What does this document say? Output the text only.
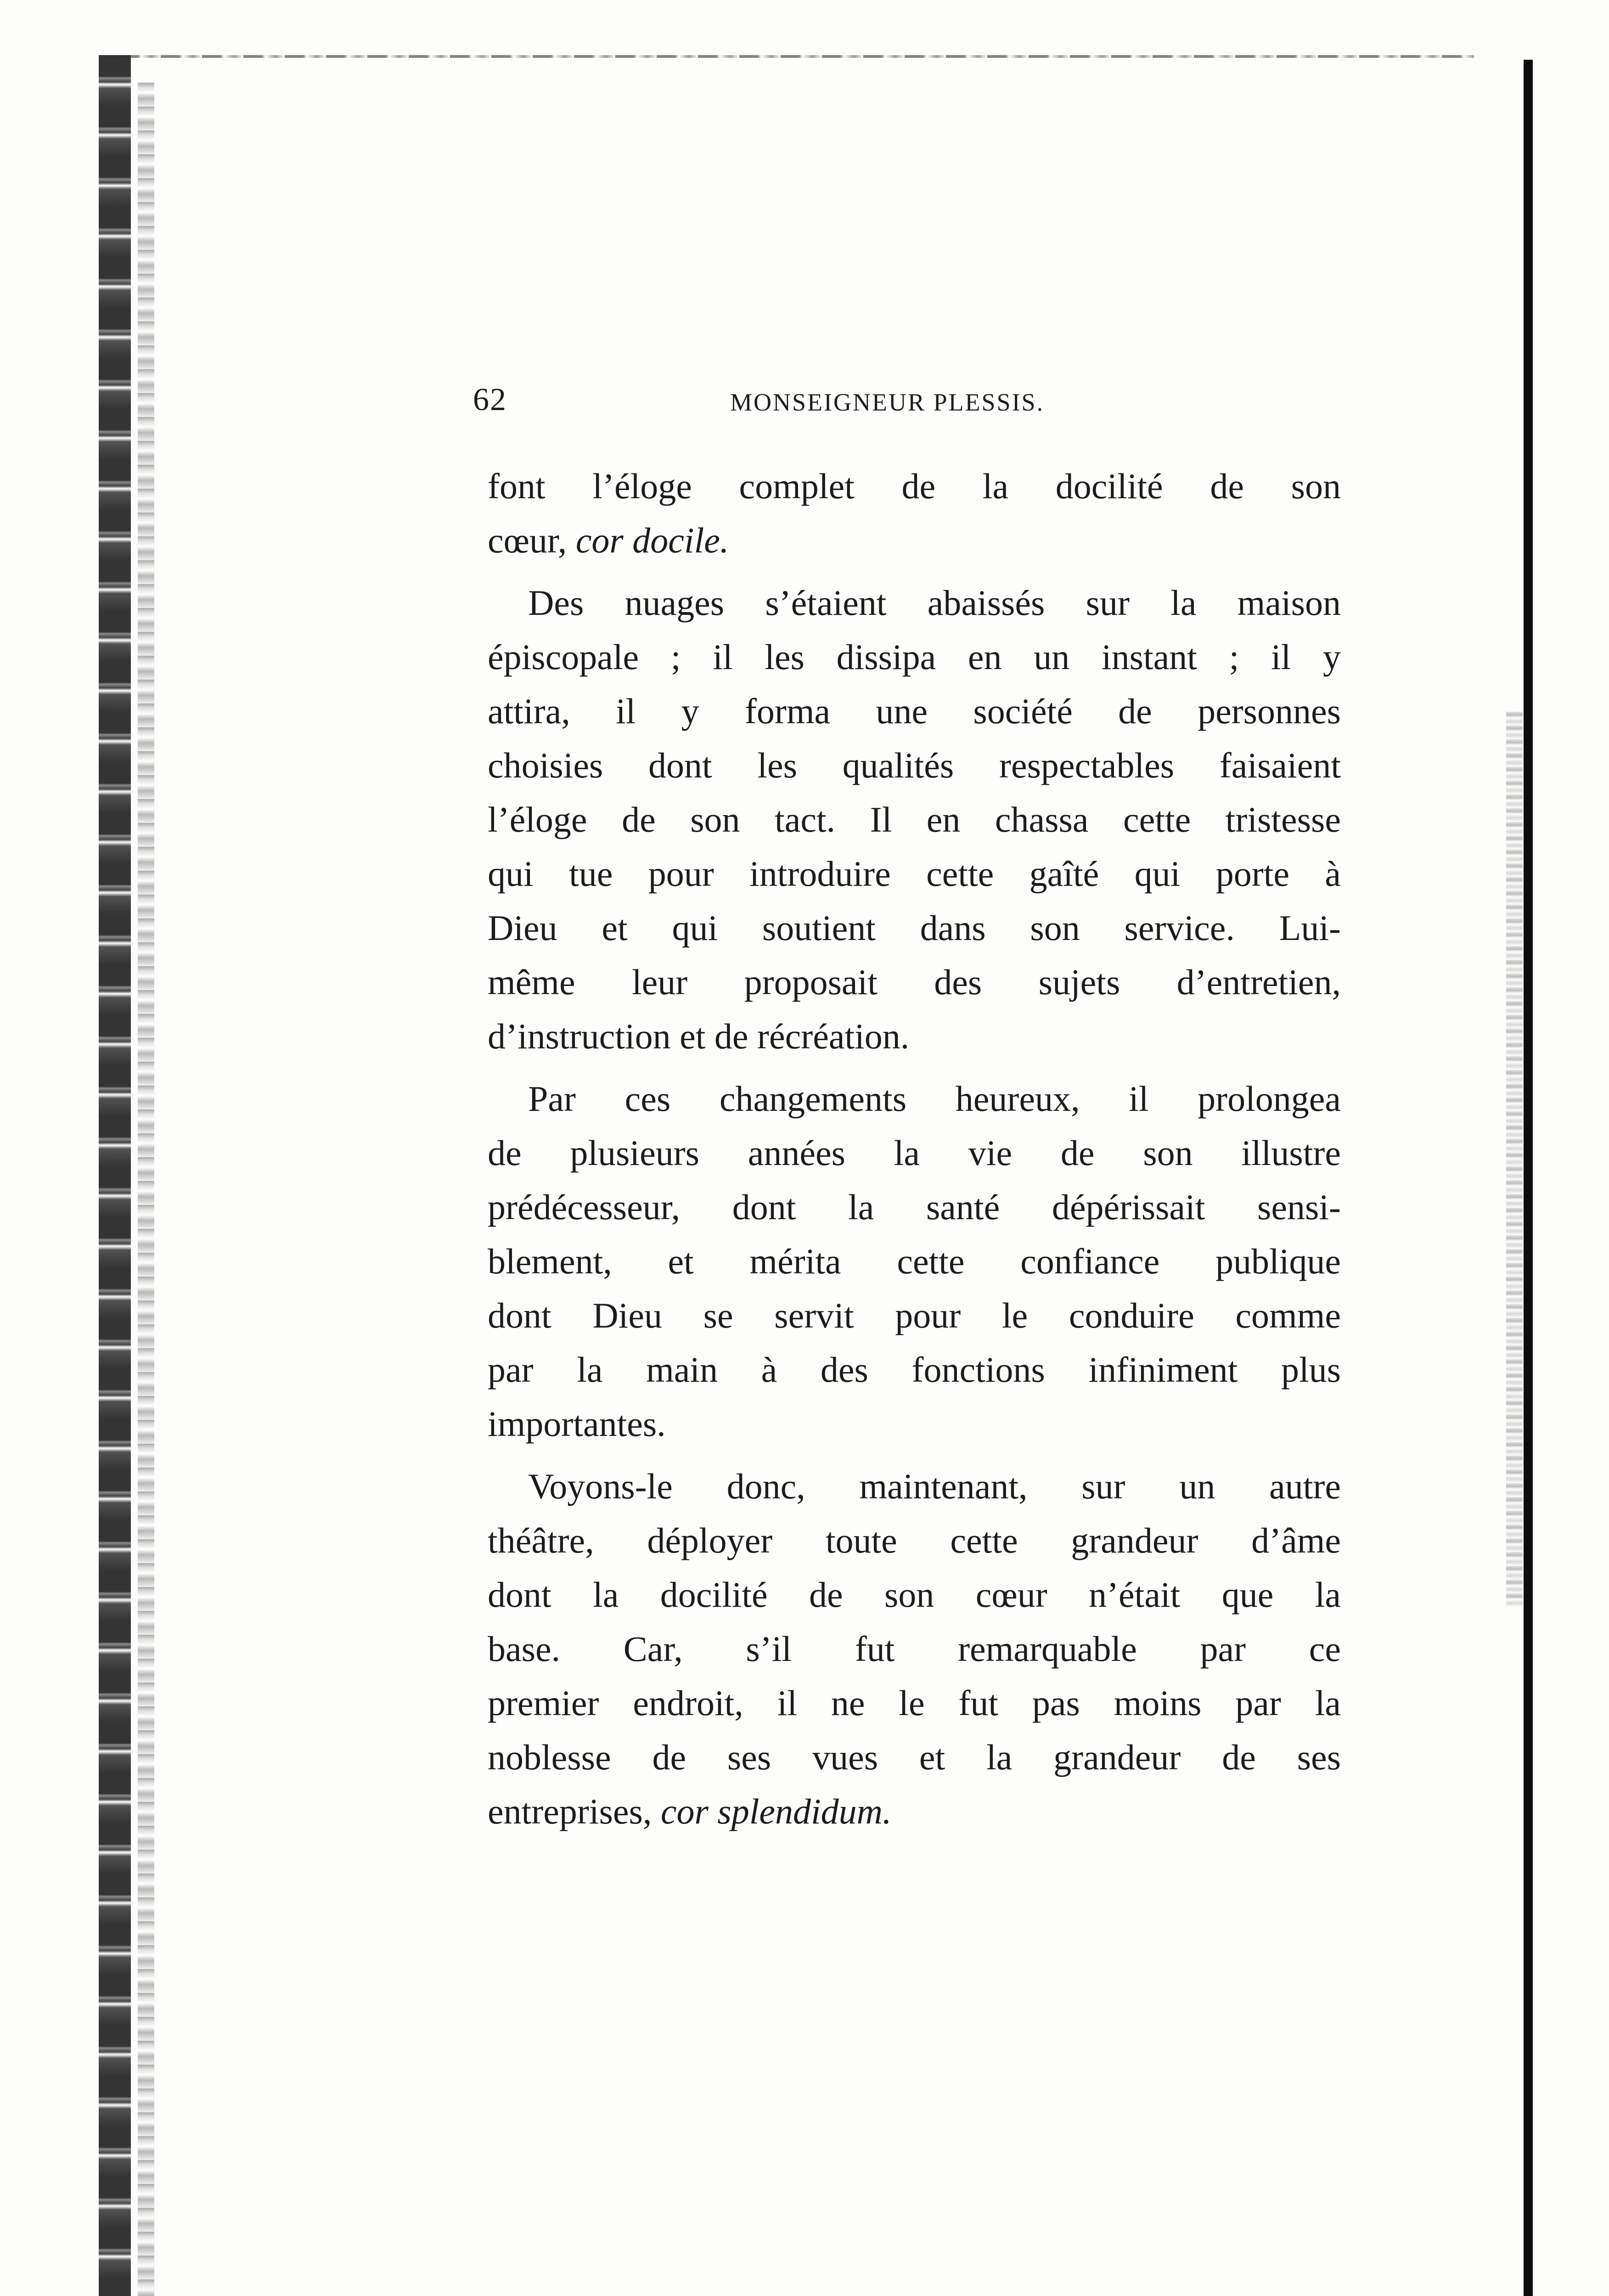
62	MONSEIGNEUR PLESSIS.
font l’éloge complet de la docilité de son
cœur, cor docile.
Des nuages s’étaient abaissés sur la maison
épiscopale ; il les dissipa en un instant ; il y
attira, il y forma une société de personnes
choisies dont les qualités respectables faisaient
l’éloge de son tact. Il en chassa cette tristesse
qui tue pour introduire cette gaîté qui porte à
Dieu et qui soutient dans son service. Lui-
même leur proposait des sujets d’entretien,
d’instruction et de récréation.
Par ces changements heureux, il prolongea
de plusieurs années la vie de son illustre
prédécesseur, dont la santé dépérissait sensi-
blement, et mérita cette confiance publique
dont Dieu se servit pour le conduire comme
par la main à des fonctions infiniment plus
importantes.
Voyons-le donc, maintenant, sur un autre
théâtre, déployer toute cette grandeur d’âme
dont la docilité de son cœur n’était que la
base. Car, s’il fut remarquable par ce
premier endroit, il ne le fut pas moins par la
noblesse de ses vues et la grandeur de ses
entreprises, cor splendidum.
